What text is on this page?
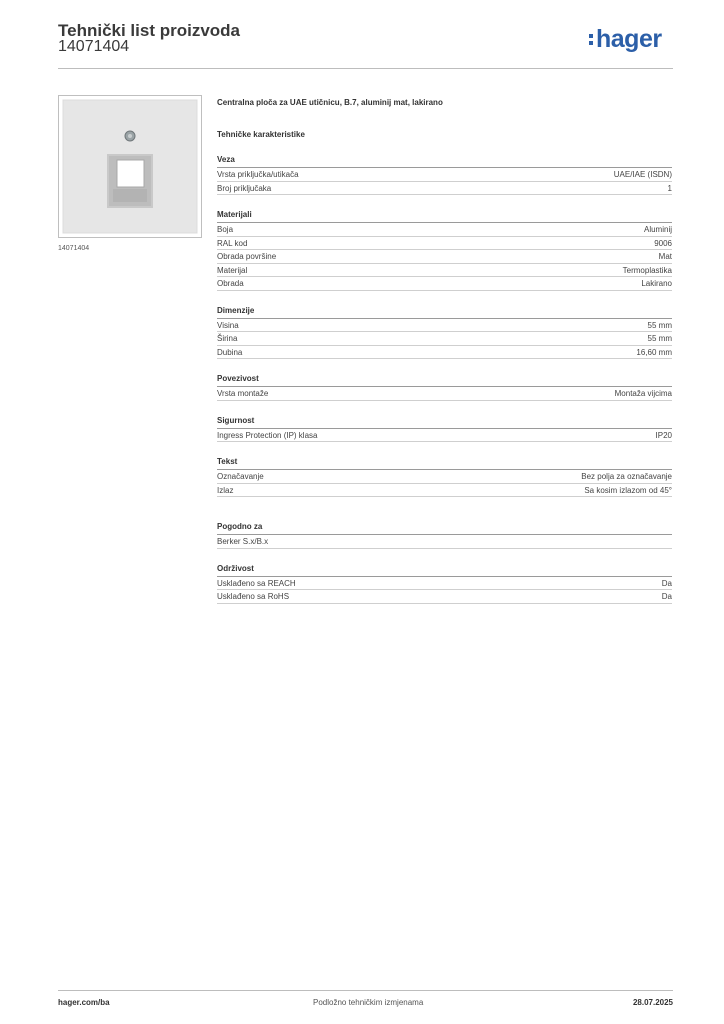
Tehnički list proizvoda
14071404	hager
14071404
Centralna ploča za UAE utičnicu, B.7, aluminij mat, lakirano
Tehničke karakteristike
Veza
Vrsta priključka/utikača	UAE/IAE (ISDN)
Broj priključaka	1
Materijali
Boja	Aluminij
RAL kod	9006
Obrada površine	Mat
Materijal	Termoplastika
Obrada	Lakirano
Dimenzije
Visina	55 mm
Širina	55 mm
Dubina	16,60 mm
Povezivost
Vrsta montaže	Montaža vijcima
Sigurnost
Ingress Protection (IP) klasa	IP20
Tekst
Označavanje	Bez polja za označavanje
Izlaz	Sa kosim izlazom od 45°
Pogodno za
Berker S.x/B.x
Održivost
Usklađeno sa REACH	Da
Usklađeno sa RoHS	Da
hager.com/ba	Podložno tehničkim izmjenama	28.07.2025
